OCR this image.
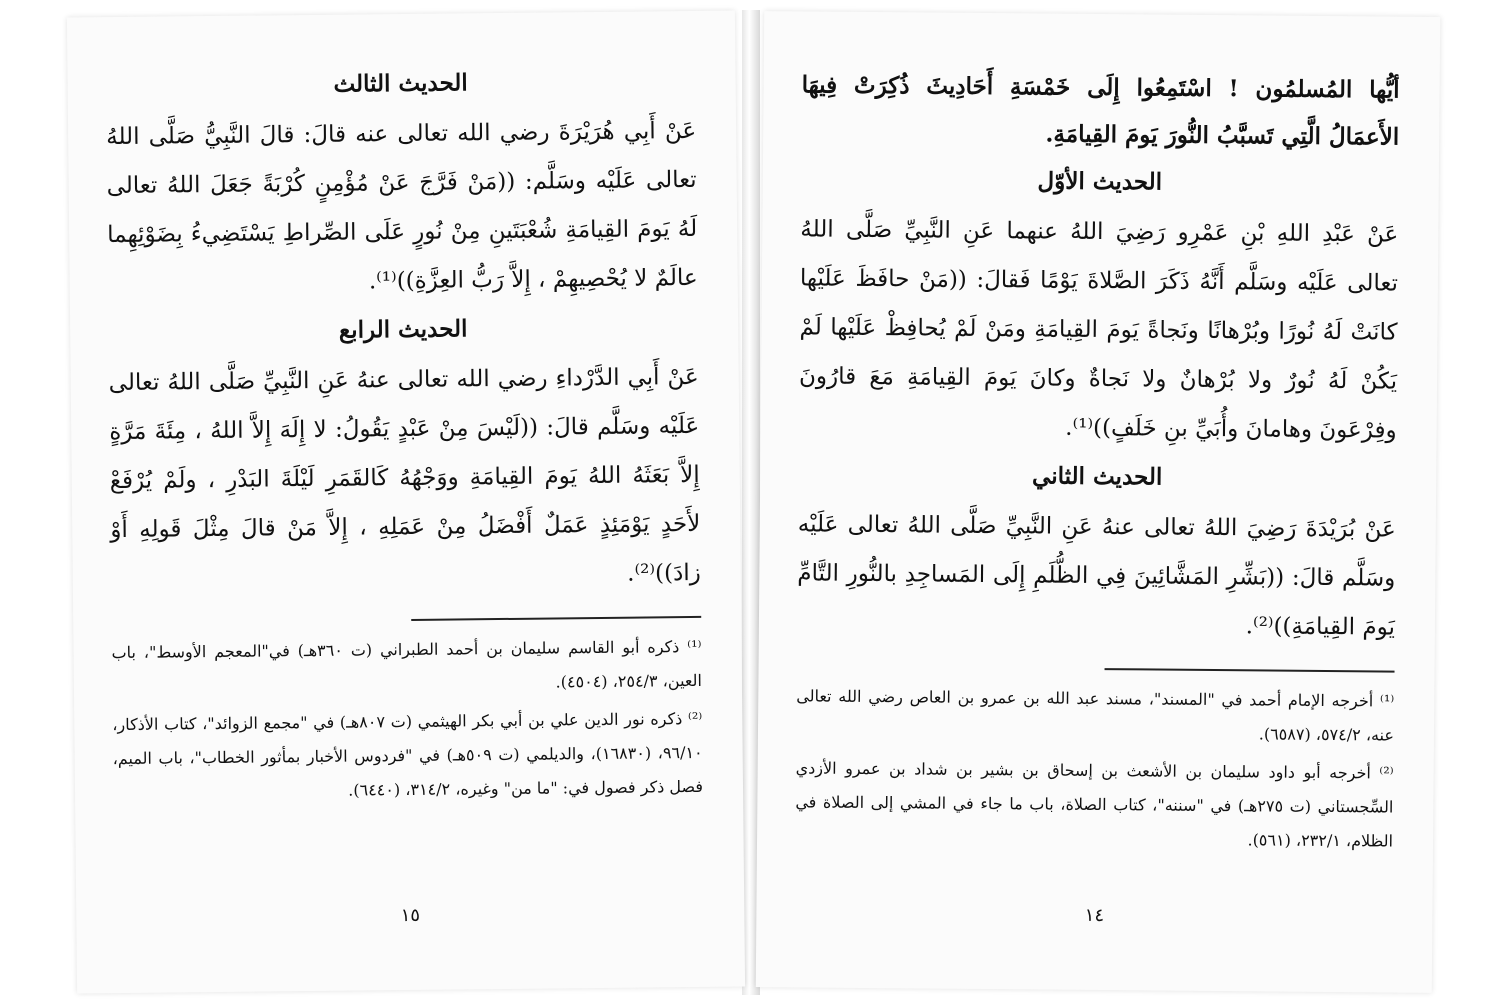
الحديث الثالث

عَنْ أَبِي هُرَيْرَةَ رضي الله تعالى عنه قالَ: قالَ النَّبِيُّ صَلَّى اللهُ تعالى عَلَيْه وسَلَّم: ((مَنْ فَرَّجَ عَنْ مُؤْمِنٍ كُرْبَةً جَعَلَ اللهُ تعالى لَهُ يَومَ القِيامَةِ شُعْبَتَينِ مِنْ نُورٍ عَلَى الصِّراطِ يَسْتَضِيءُ بِضَوْئِهِما عالَمٌ لا يُحْصِيهِمْ ، إِلاَّ رَبُّ العِزَّةِ))⁽¹⁾.

الحديث الرابع

عَنْ أَبِي الدَّرْداءِ رضي الله تعالى عنهُ عَنِ النَّبِيِّ صَلَّى اللهُ تعالى عَلَيْه وسَلَّم قالَ: ((لَيْسَ مِنْ عَبْدٍ يَقُولُ: لا إِلَهَ إِلاَّ اللهُ ، مِئَةَ مَرَّةٍ إِلاَّ بَعَثَهُ اللهُ يَومَ القِيامَةِ ووَجْهُهُ كَالقَمَرِ لَيْلَةَ البَدْرِ ، ولَمْ يُرْفَعْ لأَحَدٍ يَوْمَئِذٍ عَمَلٌ أَفْضَلُ مِنْ عَمَلِهِ ، إِلاَّ مَنْ قالَ مِثْلَ قَولِهِ أَوْ زادَ))⁽²⁾.

⁽¹⁾ ذكره أبو القاسم سليمان بن أحمد الطبراني (ت ٣٦٠هـ) في"المعجم الأوسط"، باب العين، ٢٥٤/٣، (٤٥٠٤).

⁽²⁾ ذكره نور الدين علي بن أبي بكر الهيثمي (ت ٨٠٧هـ) في "مجمع الزوائد"، كتاب الأذكار، ٩٦/١٠، (١٦٨٣٠)، والديلمي (ت ٥٠٩هـ) في "فردوس الأخبار بمأثور الخطاب"، باب الميم، فصل ذكر فصول في: "ما من" وغيره، ٣١٤/٢، (٦٤٤٠).

١٥

أيُّها المُسلمُون ! اسْتَمِعُوا إِلَى خَمْسَةِ أَحَادِيثَ ذُكِرَتْ فِيهَا الأَعمَالُ الَّتِي تَسبَّبُ النُّورَ يَومَ القِيامَةِ.

الحديث الأوّل

عَنْ عَبْدِ اللهِ بْنِ عَمْرِو رَضِيَ اللهُ عنهما عَنِ النَّبِيِّ صَلَّى اللهُ تعالى عَلَيْه وسَلَّم أَنَّهُ ذَكَرَ الصَّلاةَ يَوْمًا فَقالَ: ((مَنْ حافَظَ عَلَيْها كانَتْ لَهُ نُورًا وبُرْهانًا ونَجاةً يَومَ القِيامَةِ ومَنْ لَمْ يُحافِظْ عَلَيْها لَمْ يَكُنْ لَهُ نُورٌ ولا بُرْهانٌ ولا نَجاةٌ وكانَ يَومَ القِيامَةِ مَعَ قارُونَ وفِرْعَونَ وهامانَ وأُبَيِّ بنِ خَلَفٍ))⁽¹⁾.

الحديث الثاني

عَنْ بُرَيْدَةَ رَضِيَ اللهُ تعالى عنهُ عَنِ النَّبِيِّ صَلَّى اللهُ تعالى عَلَيْه وسَلَّم قالَ: ((بَشِّرِ المَشَّائِينَ فِي الظُّلَمِ إِلَى المَساجِدِ بالنُّورِ التَّامِّ يَومَ القِيامَةِ))⁽²⁾.

⁽¹⁾ أخرجه الإمام أحمد في "المسند"، مسند عبد الله بن عمرو بن العاص رضي الله تعالى عنه، ٥٧٤/٢، (٦٥٨٧).

⁽²⁾ أخرجه أبو داود سليمان بن الأشعث بن إسحاق بن بشير بن شداد بن عمرو الأزدي السِّجستاني (ت ٢٧٥هـ) في "سننه"، كتاب الصلاة، باب ما جاء في المشي إلى الصلاة في الظلام، ٢٣٢/١، (٥٦١).

١٤
